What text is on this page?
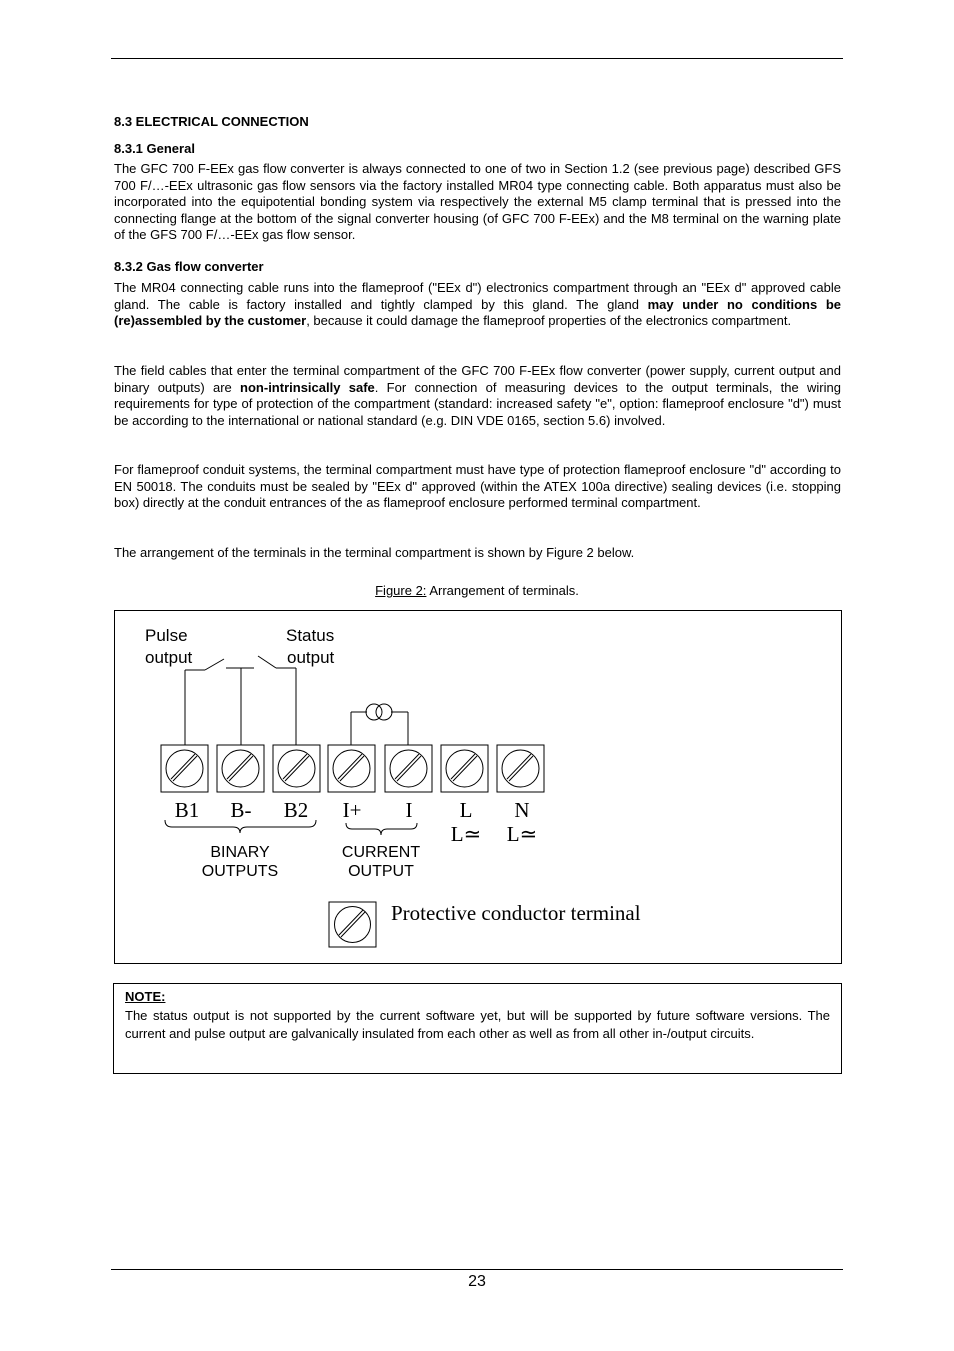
8.3 ELECTRICAL CONNECTION
8.3.1 General

The GFC 700 F-EEx gas flow converter is always connected to one of two in Section 1.2 (see previous page) described GFS 700 F/…-EEx ultrasonic gas flow sensors via the factory installed MR04 type connecting cable. Both apparatus must also be incorporated into the equipotential bonding system via respectively the external M5 clamp terminal that is pressed into the connecting flange at the bottom of the signal converter housing (of GFC 700 F-EEx) and the M8 terminal on the warning plate of the GFS 700 F/…-EEx gas flow sensor.

8.3.2 Gas flow converter

The MR04 connecting cable runs into the flameproof ("EEx d") electronics compartment through an "EEx d" approved cable gland. The cable is factory installed and tightly clamped by this gland. The gland may under no conditions be (re)assembled by the customer, because it could damage the flameproof properties of the electronics compartment.

The field cables that enter the terminal compartment of the GFC 700 F-EEx flow converter (power supply, current output and binary outputs) are non-intrinsically safe. For connection of measuring devices to the output terminals, the wiring requirements for type of protection of the compartment (standard: increased safety "e", option: flameproof enclosure "d") must be according to the international or national standard (e.g. DIN VDE 0165, section 5.6) involved.

For flameproof conduit systems, the terminal compartment must have type of protection flameproof enclosure "d" according to EN 50018. The conduits must be sealed by "EEx d" approved (within the ATEX 100a directive) sealing devices (i.e. stopping box) directly at the conduit entrances of the as flameproof enclosure performed terminal compartment.

The arrangement of the terminals in the terminal compartment is shown by Figure 2 below.

Figure 2: Arrangement of terminals.
Pulse
output
Status
output
B1 B- B2 I+ I L N
L≃ L≃
BINARY
OUTPUTS
CURRENT
OUTPUT
Protective conductor terminal
NOTE:

The status output is not supported by the current software yet, but will be supported by future software versions. The current and pulse output are galvanically insulated from each other as well as from all other in-/output circuits.

23
